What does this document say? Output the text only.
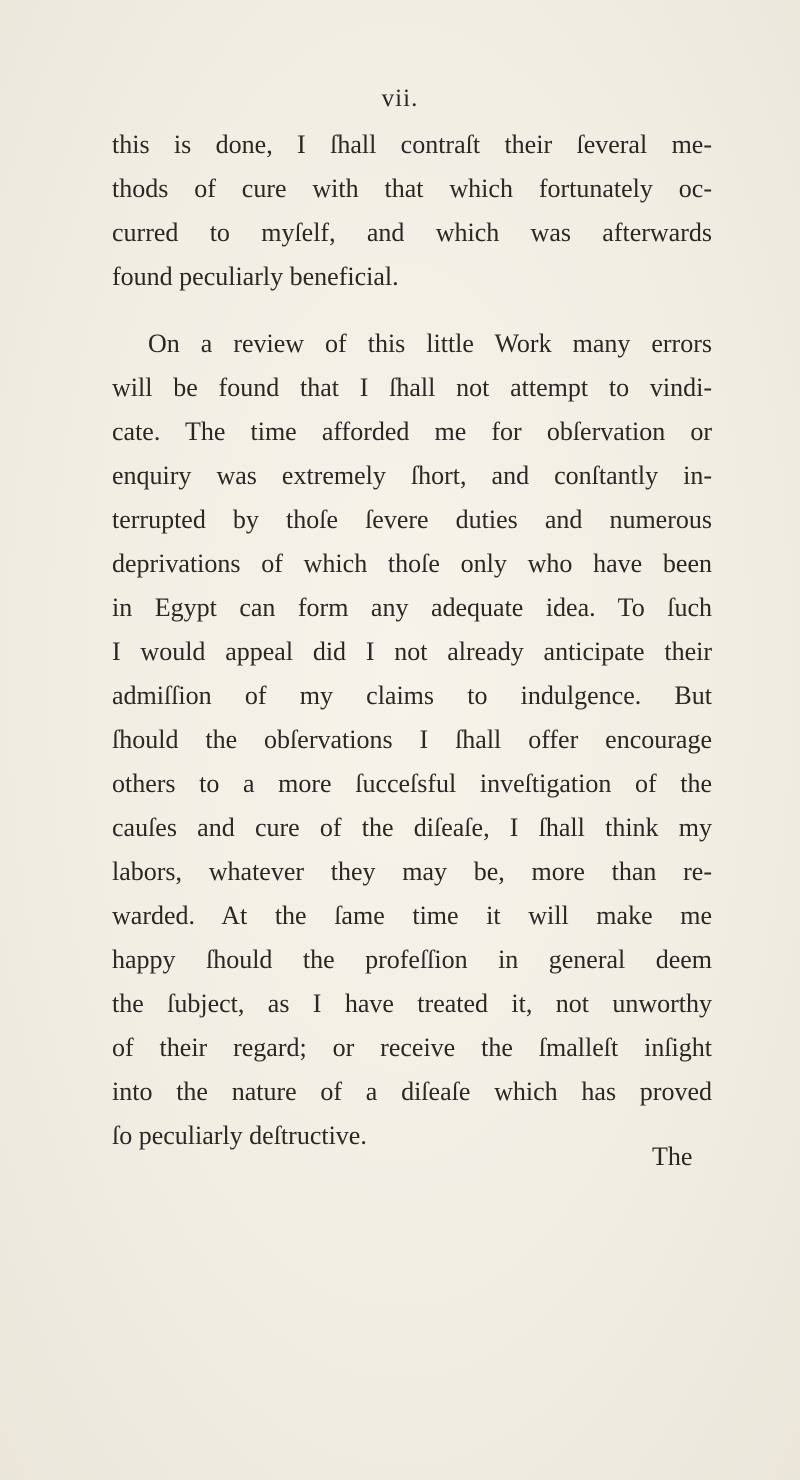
vii.
this is done, I ſhall contraſt their ſeveral me-
thods of cure with that which fortunately oc-
curred to myſelf, and which was afterwards
found peculiarly beneficial.
On a review of this little Work many errors
will be found that I ſhall not attempt to vindi-
cate. The time afforded me for obſervation or
enquiry was extremely ſhort, and conſtantly in-
terrupted by thoſe ſevere duties and numerous
deprivations of which thoſe only who have been
in Egypt can form any adequate idea. To ſuch
I would appeal did I not already anticipate their
admiſſion of my claims to indulgence. But
ſhould the obſervations I ſhall offer encourage
others to a more ſucceſsful inveſtigation of the
cauſes and cure of the diſeaſe, I ſhall think my
labors, whatever they may be, more than re-
warded. At the ſame time it will make me
happy ſhould the profeſſion in general deem
the ſubject, as I have treated it, not unworthy
of their regard; or receive the ſmalleſt inſight
into the nature of a diſeaſe which has proved
ſo peculiarly deſtructive.
The
